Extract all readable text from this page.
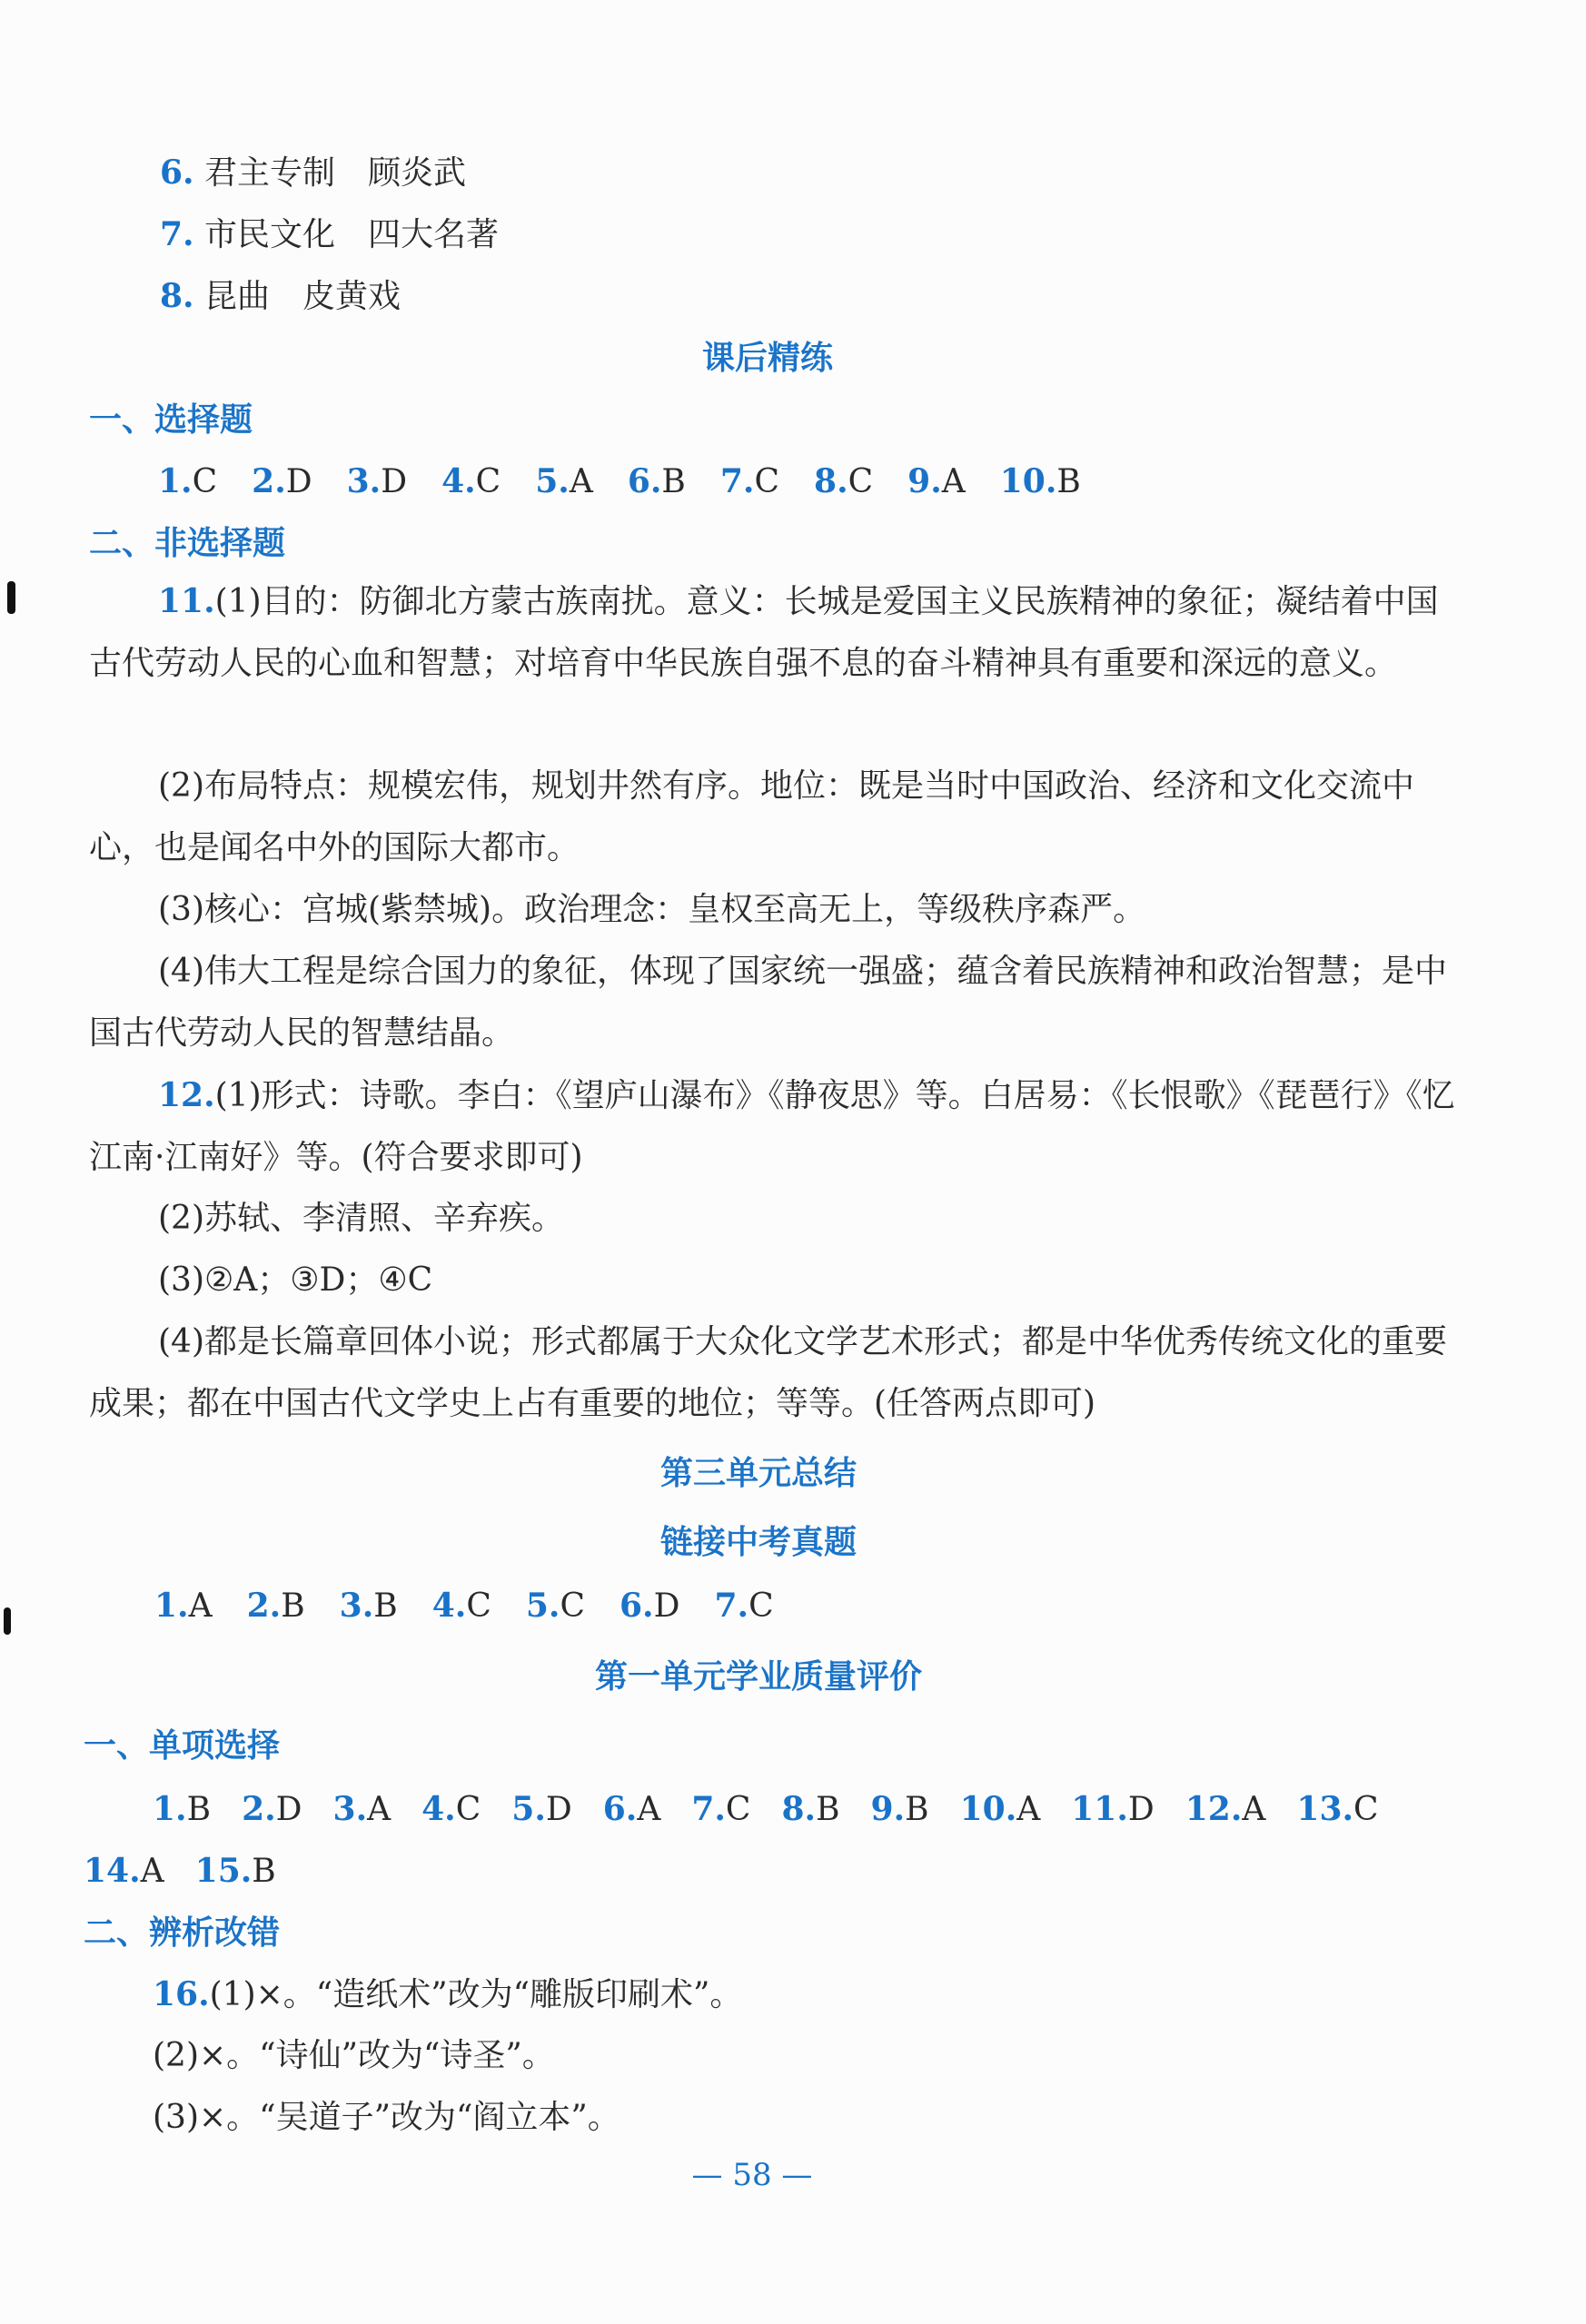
6. 君主专制　顾炎武
7. 市民文化　四大名著
8. 昆曲　皮黄戏
课后精练
一、选择题
1.C 2.D 3.D 4.C 5.A 6.B 7.C 8.C 9.A 10.B
二、非选择题
11.(1)目的：防御北方蒙古族南扰。意义：长城是爱国主义民族精神的象征；凝结着中国古代劳动人民的心血和智慧；对培育中华民族自强不息的奋斗精神具有重要和深远的意义。
(2)布局特点：规模宏伟，规划井然有序。地位：既是当时中国政治、经济和文化交流中心，也是闻名中外的国际大都市。
(3)核心：宫城(紫禁城)。政治理念：皇权至高无上，等级秩序森严。
(4)伟大工程是综合国力的象征，体现了国家统一强盛；蕴含着民族精神和政治智慧；是中国古代劳动人民的智慧结晶。
12.(1)形式：诗歌。李白：《望庐山瀑布》《静夜思》等。白居易：《长恨歌》《琵琶行》《忆江南·江南好》等。(符合要求即可)
(2)苏轼、李清照、辛弃疾。
(3)②A；③D；④C
(4)都是长篇章回体小说；形式都属于大众化文学艺术形式；都是中华优秀传统文化的重要成果；都在中国古代文学史上占有重要的地位；等等。(任答两点即可)
第三单元总结
链接中考真题
1.A 2.B 3.B 4.C 5.C 6.D 7.C
第一单元学业质量评价
一、单项选择
1.B 2.D 3.A 4.C 5.D 6.A 7.C 8.B 9.B 10.A 11.D 12.A 13.C
14.A 15.B
二、辨析改错
16.(1)×。“造纸术”改为“雕版印刷术”。
(2)×。“诗仙”改为“诗圣”。
(3)×。“吴道子”改为“阎立本”。
— 58 —
